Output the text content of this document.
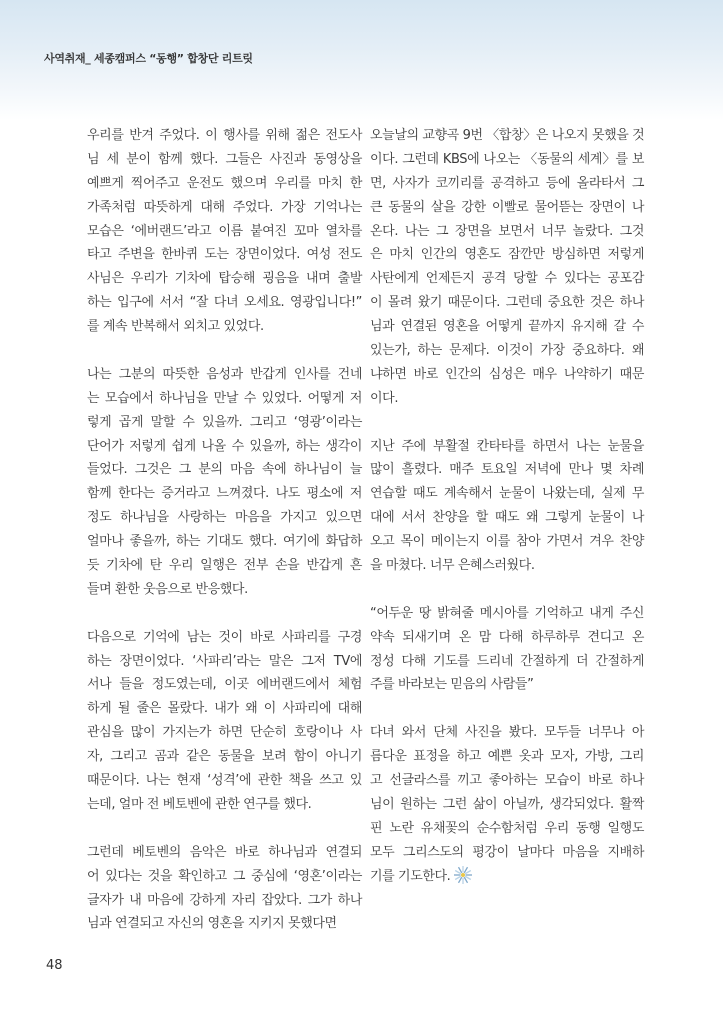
사역취재_ 세종캠퍼스 “동행” 합창단 리트릿
우리를 반겨 주었다. 이 행사를 위해 젊은 전도사
님 세 분이 함께 했다. 그들은 사진과 동영상을
예쁘게 찍어주고 운전도 했으며 우리를 마치 한
가족처럼 따뜻하게 대해 주었다. 가장 기억나는
모습은 ‘에버랜드’라고 이름 붙여진 꼬마 열차를
타고 주변을 한바퀴 도는 장면이었다. 여성 전도
사님은 우리가 기차에 탑승해 굉음을 내며 출발
하는 입구에 서서 “잘 다녀 오세요. 영광입니다!”
를 계속 반복해서 외치고 있었다.
나는 그분의 따뜻한 음성과 반갑게 인사를 건네
는 모습에서 하나님을 만날 수 있었다. 어떻게 저
렇게 곱게 말할 수 있을까. 그리고 ‘영광’이라는
단어가 저렇게 쉽게 나올 수 있을까, 하는 생각이
들었다. 그것은 그 분의 마음 속에 하나님이 늘
함께 한다는 증거라고 느껴졌다. 나도 평소에 저
정도 하나님을 사랑하는 마음을 가지고 있으면
얼마나 좋을까, 하는 기대도 했다. 여기에 화답하
듯 기차에 탄 우리 일행은 전부 손을 반갑게 흔
들며 환한 웃음으로 반응했다.
다음으로 기억에 남는 것이 바로 사파리를 구경
하는 장면이었다. ‘사파리’라는 말은 그저 TV에
서나 들을 정도였는데, 이곳 에버랜드에서 체험
하게 될 줄은 몰랐다. 내가 왜 이 사파리에 대해
관심을 많이 가지는가 하면 단순히 호랑이나 사
자, 그리고 곰과 같은 동물을 보려 함이 아니기
때문이다. 나는 현재 ‘성격’에 관한 책을 쓰고 있
는데, 얼마 전 베토벤에 관한 연구를 했다.
그런데 베토벤의 음악은 바로 하나님과 연결되
어 있다는 것을 확인하고 그 중심에 ‘영혼’이라는
글자가 내 마음에 강하게 자리 잡았다. 그가 하나
님과 연결되고 자신의 영혼을 지키지 못했다면
오늘날의 교향곡 9번 〈합창〉은 나오지 못했을 것
이다. 그런데 KBS에 나오는 〈동물의 세계〉를 보
면, 사자가 코끼리를 공격하고 등에 올라타서 그
큰 동물의 살을 강한 이빨로 물어뜯는 장면이 나
온다. 나는 그 장면을 보면서 너무 놀랐다. 그것
은 마치 인간의 영혼도 잠깐만 방심하면 저렇게
사탄에게 언제든지 공격 당할 수 있다는 공포감
이 몰려 왔기 때문이다. 그런데 중요한 것은 하나
님과 연결된 영혼을 어떻게 끝까지 유지해 갈 수
있는가, 하는 문제다. 이것이 가장 중요하다. 왜
냐하면 바로 인간의 심성은 매우 나약하기 때문
이다.
지난 주에 부활절 칸타타를 하면서 나는 눈물을
많이 흘렸다. 매주 토요일 저녁에 만나 몇 차례
연습할 때도 계속해서 눈물이 나왔는데, 실제 무
대에 서서 찬양을 할 때도 왜 그렇게 눈물이 나
오고 목이 메이는지 이를 참아 가면서 겨우 찬양
을 마쳤다. 너무 은혜스러웠다.
“어두운 땅 밝혀줄 메시아를 기억하고 내게 주신
약속 되새기며 온 맘 다해 하루하루 견디고 온
정성 다해 기도를 드리네 간절하게 더 간절하게
주를 바라보는 믿음의 사람들”
다녀 와서 단체 사진을 봤다. 모두들 너무나 아
름다운 표정을 하고 예쁜 옷과 모자, 가방, 그리
고 선글라스를 끼고 좋아하는 모습이 바로 하나
님이 원하는 그런 삶이 아닐까, 생각되었다. 활짝
핀 노란 유채꽃의 순수함처럼 우리 동행 일행도
모두 그리스도의 평강이 날마다 마음을 지배하
기를 기도한다.
48
